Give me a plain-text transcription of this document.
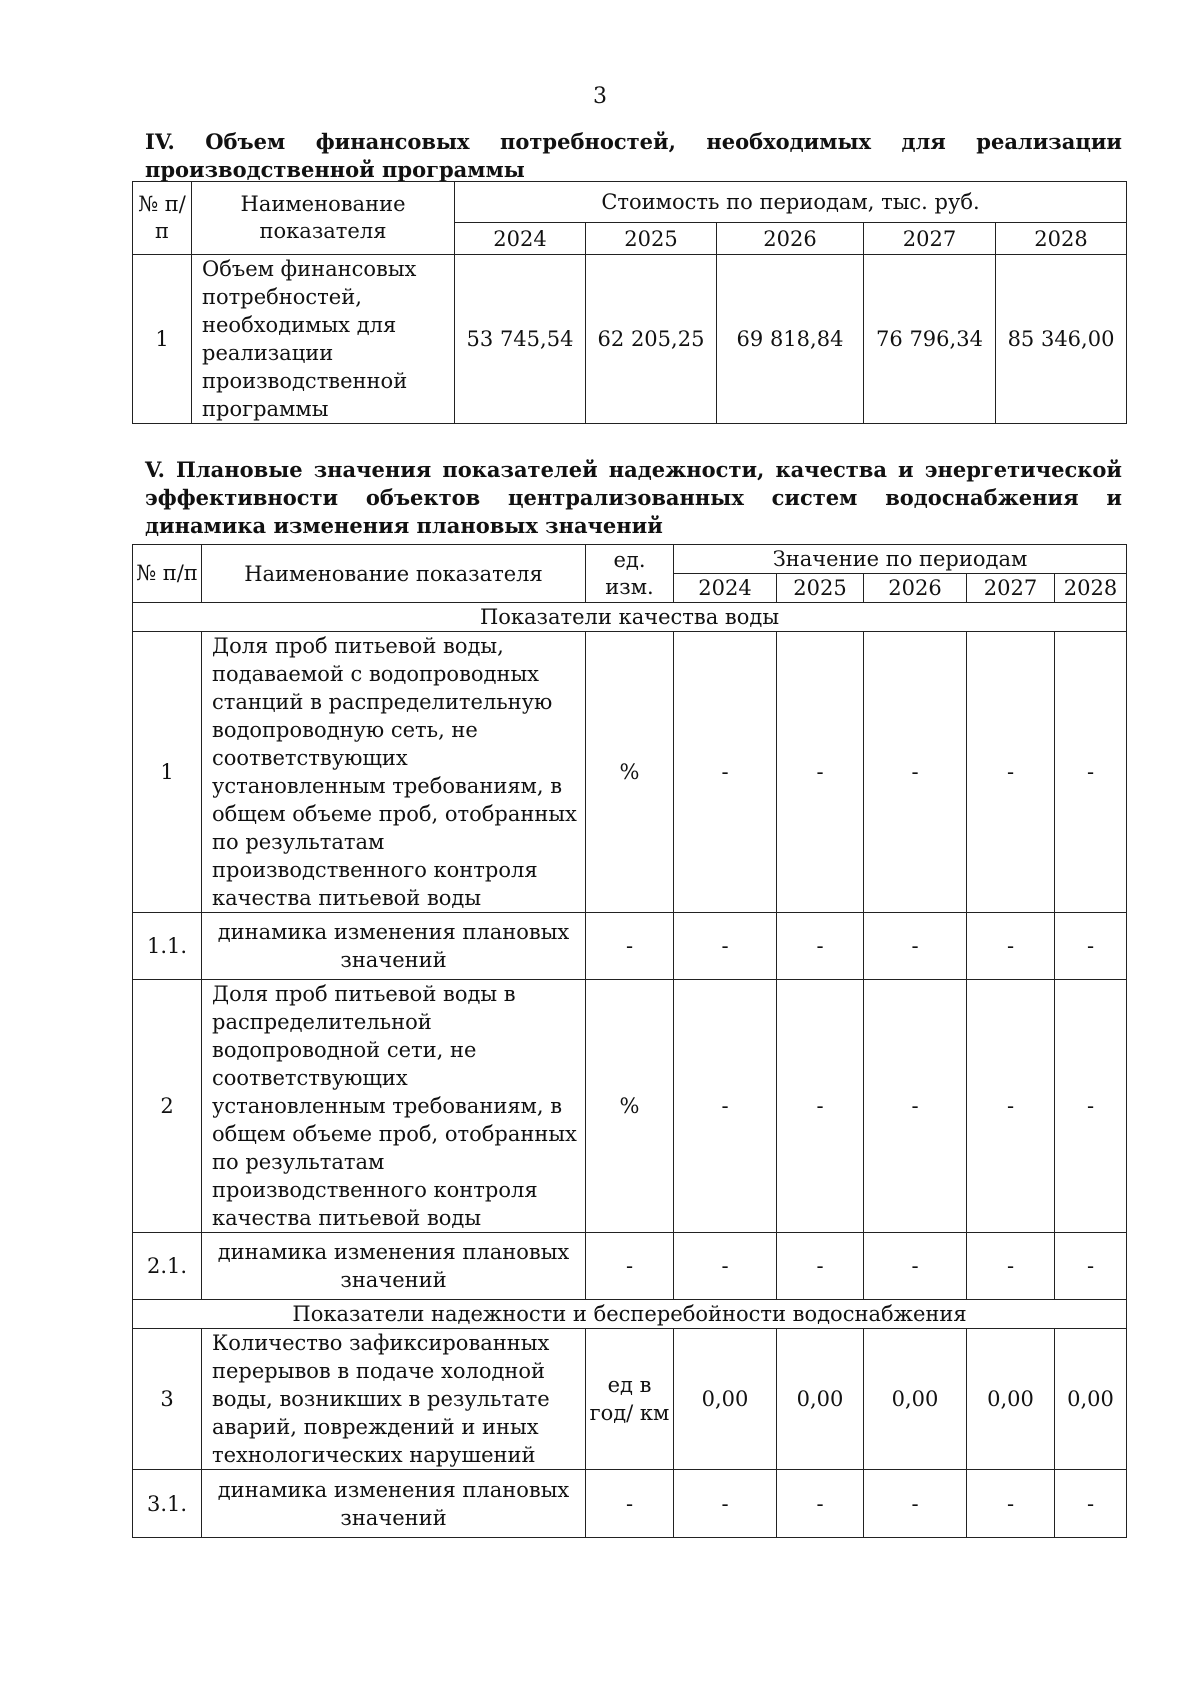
3
IV. Объем финансовых потребностей, необходимых для реализации производственной программы
№ п/п	Наименование показателя	Стоимость по периодам, тыс. руб.				
		2024	2025	2026	2027	2028
1	Объем финансовых потребностей, необходимых для реализации производственной программы	53 745,54	62 205,25	69 818,84	76 796,34	85 346,00
V. Плановые значения показателей надежности, качества и энергетической эффективности объектов централизованных систем водоснабжения и динамика изменения плановых значений
№ п/п	Наименование показателя	ед. изм.	Значение по периодам				
			2024	2025	2026	2027	2028
Показатели качества воды							
1	Доля проб питьевой воды, подаваемой с водопроводных станций в распределительную водопроводную сеть, не соответствующих установленным требованиям, в общем объеме проб, отобранных по результатам производственного контроля качества питьевой воды	%	-	-	-	-	-
1.1.	динамика изменения плановых значений	-	-	-	-	-	-
2	Доля проб питьевой воды в распределительной водопроводной сети, не соответствующих установленным требованиям, в общем объеме проб, отобранных по результатам производственного контроля качества питьевой воды	%	-	-	-	-	-
2.1.	динамика изменения плановых значений	-	-	-	-	-	-
Показатели надежности и бесперебойности водоснабжения							
3	Количество зафиксированных перерывов в подаче холодной воды, возникших в результате аварий, повреждений и иных технологических нарушений	ед в год/ км	0,00	0,00	0,00	0,00	0,00
3.1.	динамика изменения плановых значений	-	-	-	-	-	-
